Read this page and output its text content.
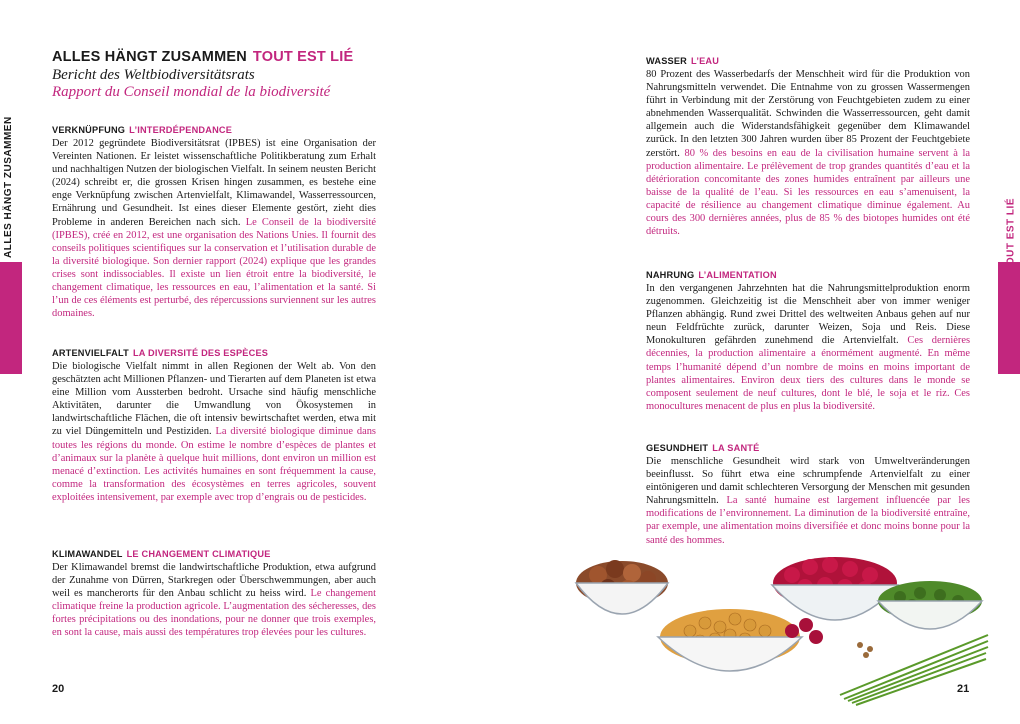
ALLES HÄNGT ZUSAMMEN
ALLES HÄNGT ZUSAMMEN TOUT EST LIÉ
Bericht des Weltbiodiversitätsrats
Rapport du Conseil mondial de la biodiversité
VERKNÜPFUNG L’INTERDÉPENDANCE

Der 2012 gegründete Biodiversitätsrat (IPBES) ist eine Organisation der Vereinten Nationen. Er leistet wissenschaftliche Politikberatung zum Erhalt und nachhaltigen Nutzen der biologischen Vielfalt. In seinem neusten Bericht (2024) schreibt er, die grossen Krisen hingen zusammen, es bestehe eine enge Verknüpfung zwischen Artenvielfalt, Klimawandel, Wasserressourcen, Ernährung und Gesundheit. Ist eines dieser Elemente gestört, zieht dies Probleme in anderen Bereichen nach sich. Le Conseil de la biodiversité (IPBES), créé en 2012, est une organisation des Nations Unies. Il fournit des conseils politiques scientifiques sur la conservation et l’utilisation durable de la diversité biologique. Son dernier rapport (2024) explique que les grandes crises sont indissociables. Il existe un lien étroit entre la biodiversité, le changement climatique, les ressources en eau, l’alimentation et la santé. Si l’un de ces éléments est perturbé, des répercussions surviennent sur les autres domaines.

ARTENVIELFALT LA DIVERSITÉ DES ESPÈCES

Die biologische Vielfalt nimmt in allen Regionen der Welt ab. Von den geschätzten acht Millionen Pflanzen- und Tierarten auf dem Planeten ist etwa eine Million vom Aussterben bedroht. Ursache sind häufig menschliche Aktivitäten, darunter die Umwandlung von Ökosystemen in landwirtschaftliche Flächen, die oft intensiv bewirtschaftet werden, etwa mit zu viel Düngemitteln und Pestiziden. La diversité biologique diminue dans toutes les régions du monde. On estime le nombre d’espèces de plantes et d’animaux sur la planète à quelque huit millions, dont environ un million est menacé d’extinction. Les activités humaines en sont fréquemment la cause, comme la transformation des écosystèmes en terres agricoles, souvent exploitées intensivement, par exemple avec trop d’engrais ou de pesticides.

KLIMAWANDEL LE CHANGEMENT CLIMATIQUE

Der Klimawandel bremst die landwirtschaftliche Produktion, etwa aufgrund der Zunahme von Dürren, Starkregen oder Überschwemmungen, aber auch weil es mancherorts für den Anbau schlicht zu heiss wird. Le changement climatique freine la production agricole. L’augmentation des sécheresses, des fortes précipitations ou des inondations, pour ne donner que trois exemples, en sont la cause, mais aussi des températures trop élevées pour les cultures.

20
TOUT EST LIÉ
WASSER L’EAU

80 Prozent des Wasserbedarfs der Menschheit wird für die Produktion von Nahrungsmitteln verwendet. Die Entnahme von zu grossen Wassermengen führt in Verbindung mit der Zerstörung von Feuchtgebieten zudem zu einer abnehmenden Wasserqualität. Schwinden die Wasserressourcen, geht damit allgemein auch die Widerstandsfähigkeit gegenüber dem Klimawandel zurück. In den letzten 300 Jahren wurden über 85 Prozent der Feuchtgebiete zerstört. 80 % des besoins en eau de la civilisation humaine servent à la production alimentaire. Le prélèvement de trop grandes quantités d’eau et la détérioration concomitante des zones humides entraînent par ailleurs une baisse de la qualité de l’eau. Si les ressources en eau s’amenuisent, la capacité de résilience au changement climatique diminue également. Au cours des 300 dernières années, plus de 85 % des biotopes humides ont été détruits.

NAHRUNG L’ALIMENTATION

In den vergangenen Jahrzehnten hat die Nahrungsmittelproduktion enorm zugenommen. Gleichzeitig ist die Menschheit aber von immer weniger Pflanzen abhängig. Rund zwei Drittel des weltweiten Anbaus gehen auf nur neun Feldfrüchte zurück, darunter Weizen, Soja und Reis. Diese Monokulturen gefährden zunehmend die Artenvielfalt. Ces dernières décennies, la production alimentaire a énormément augmenté. En même temps l’humanité dépend d’un nombre de moins en moins important de plantes alimentaires. Environ deux tiers des cultures dans le monde se composent seulement de neuf cultures, dont le blé, le soja et le riz. Ces monocultures menacent de plus en plus la biodiversité.

GESUNDHEIT LA SANTÉ

Die menschliche Gesundheit wird stark von Umweltveränderungen beeinflusst. So führt etwa eine schrumpfende Artenvielfalt zu einer eintönigeren und damit schlechteren Versorgung der Menschen mit gesunden Nahrungsmitteln. La santé humaine est largement influencée par les modifications de l’environnement. La diminution de la biodiversité entraîne, par exemple, une alimentation moins diversifiée et donc moins bonne pour la santé des hommes.

21
